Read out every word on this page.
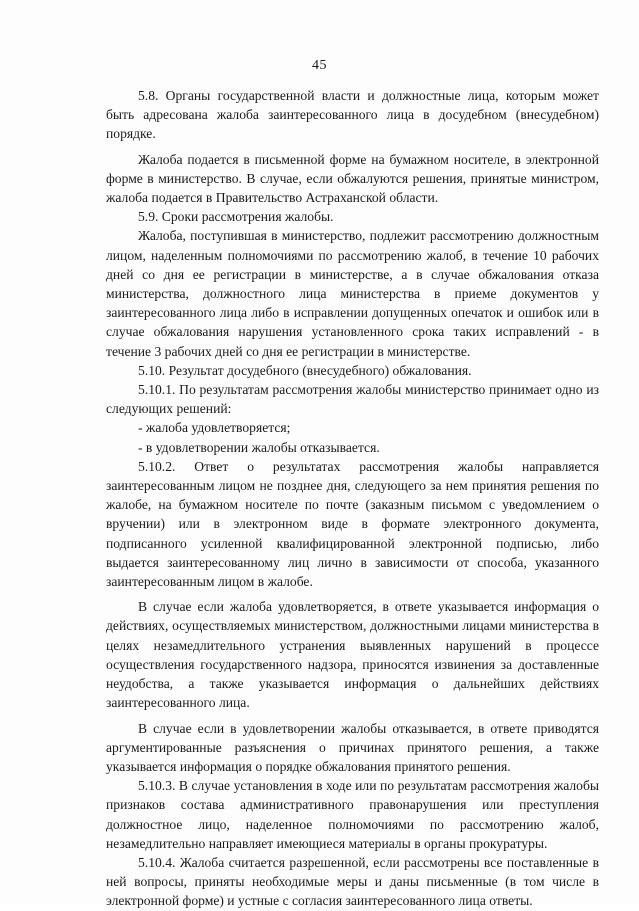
45

5.8. Органы государственной власти и должностные лица, которым может быть адресована жалоба заинтересованного лица в досудебном (внесудебном) порядке.

Жалоба подается в письменной форме на бумажном носителе, в электронной форме в министерство. В случае, если обжалуются решения, принятые министром, жалоба подается в Правительство Астраханской области.

5.9. Сроки рассмотрения жалобы.

Жалоба, поступившая в министерство, подлежит рассмотрению должностным лицом, наделенным полномочиями по рассмотрению жалоб, в течение 10 рабочих дней со дня ее регистрации в министерстве, а в случае обжалования отказа министерства, должностного лица министерства в приеме документов у заинтересованного лица либо в исправлении допущенных опечаток и ошибок или в случае обжалования нарушения установленного срока таких исправлений - в течение 3 рабочих дней со дня ее регистрации в министерстве.

5.10. Результат досудебного (внесудебного) обжалования.

5.10.1. По результатам рассмотрения жалобы министерство принимает одно из следующих решений:

- жалоба удовлетворяется;

- в удовлетворении жалобы отказывается.

5.10.2. Ответ о результатах рассмотрения жалобы направляется заинтересованным лицом не позднее дня, следующего за нем принятия решения по жалобе, на бумажном носителе по почте (заказным письмом с уведомлением о вручении) или в электронном виде в формате электронного документа, подписанного усиленной квалифицированной электронной подписью, либо выдается заинтересованному лиц лично в зависимости от способа, указанного заинтересованным лицом в жалобе.

В случае если жалоба удовлетворяется, в ответе указывается информация о действиях, осуществляемых министерством, должностными лицами министерства в целях незамедлительного устранения выявленных нарушений в процессе осуществления государственного надзора, приносятся извинения за доставленные неудобства, а также указывается информация о дальнейших действиях заинтересованного лица.

В случае если в удовлетворении жалобы отказывается, в ответе приводятся аргументированные разъяснения о причинах принятого решения, а также указывается информация о порядке обжалования принятого решения.

5.10.3. В случае установления в ходе или по результатам рассмотрения жалобы признаков состава административного правонарушения или преступления должностное лицо, наделенное полномочиями по рассмотрению жалоб, незамедлительно направляет имеющиеся материалы в органы прокуратуры.

5.10.4. Жалоба считается разрешенной, если рассмотрены все поставленные в ней вопросы, приняты необходимые меры и даны письменные (в том числе в электронной форме) и устные с согласия заинтересованного лица ответы.
